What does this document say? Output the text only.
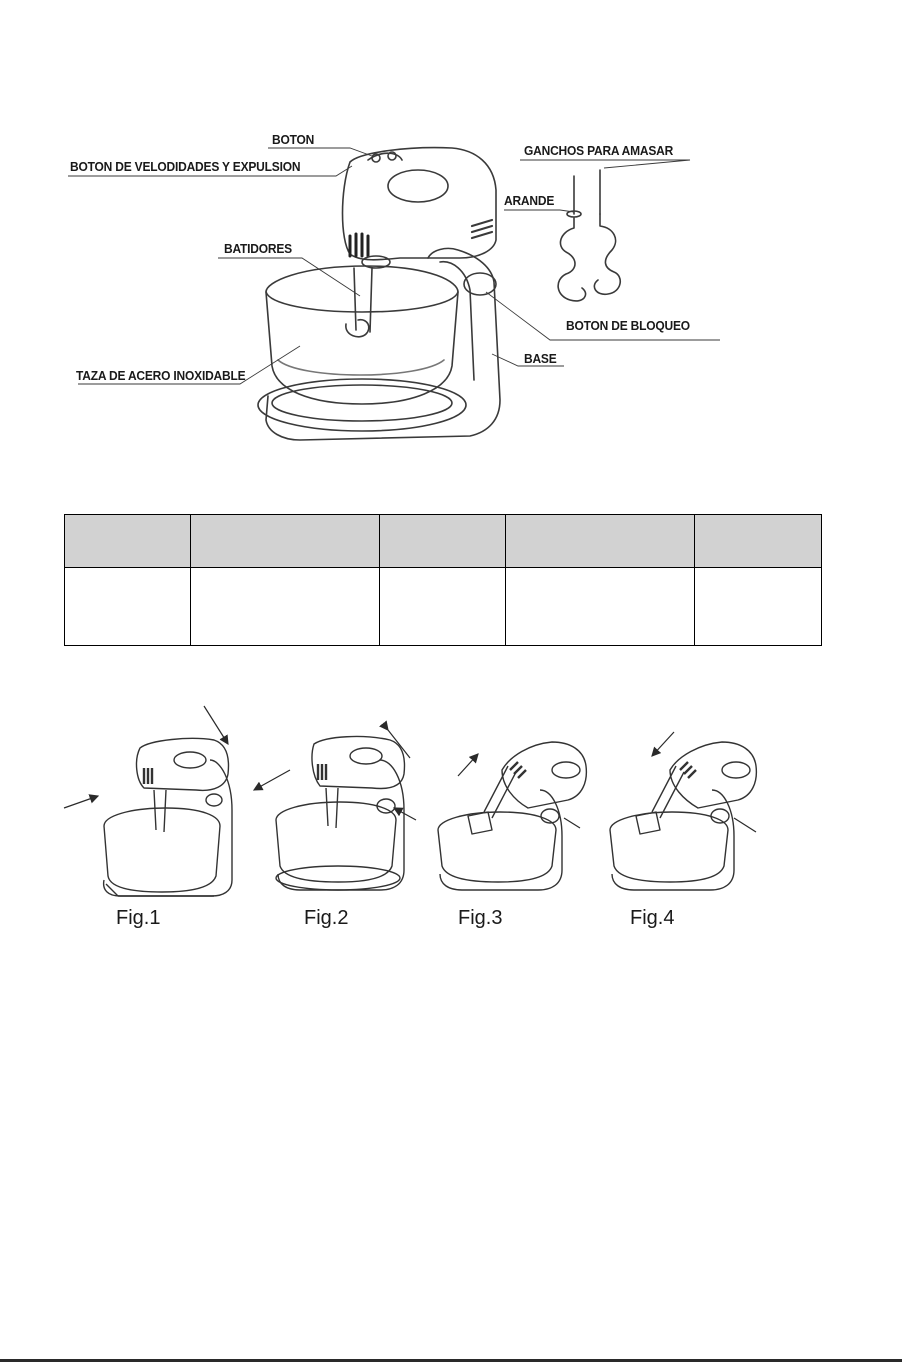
BOTON
BOTON DE VELODIDADES Y EXPULSION
BATIDORES
TAZA DE ACERO INOXIDABLE
GANCHOS PARA AMASAR
ARANDE
BOTON DE BLOQUEO
BASE

Fig.1	Fig.2	Fig.3	Fig.4
